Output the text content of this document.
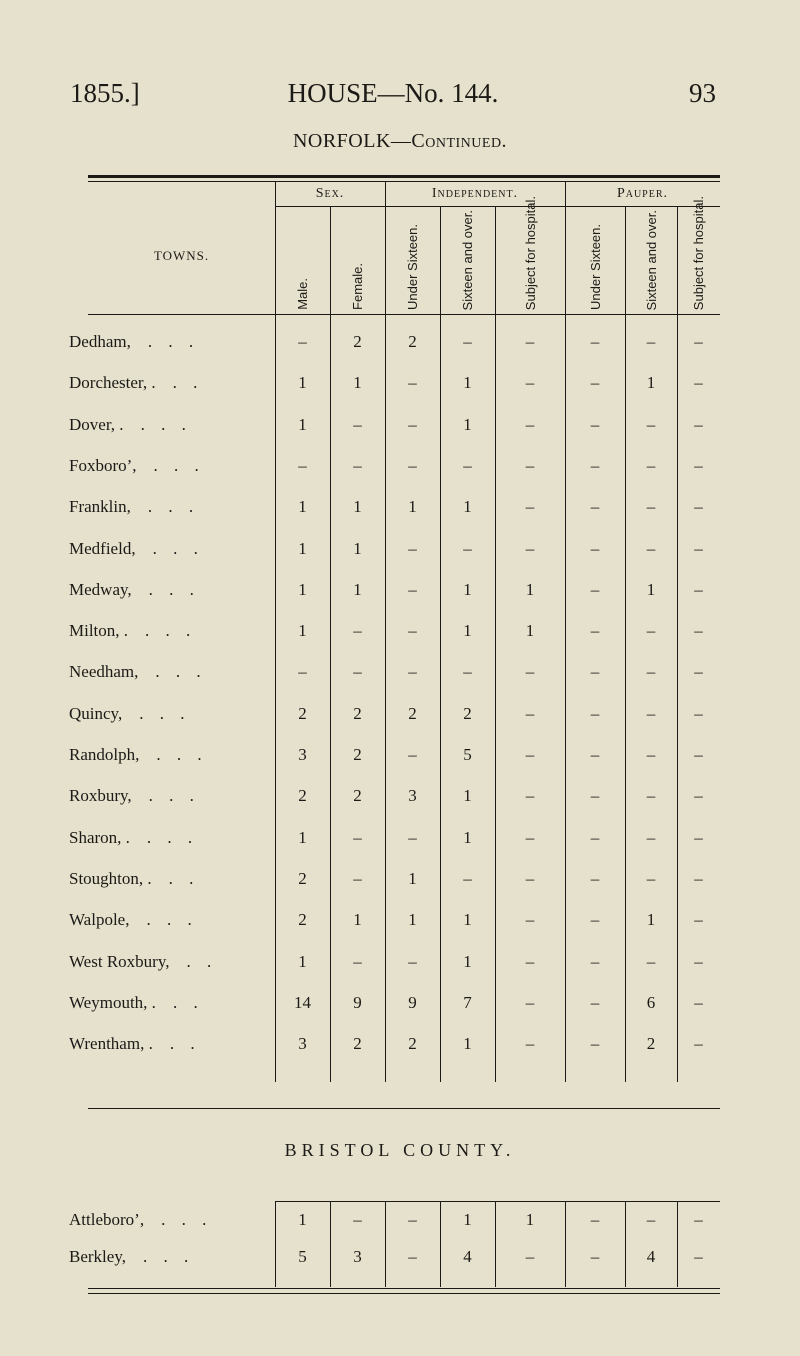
1855.]	HOUSE—No. 144.	93
NORFOLK—Continued.
Sex.	Independent.	Pauper.
TOWNS.
Male.	Female.	Under Sixteen.	Sixteen and over.	Subject for hospital.	Under Sixteen.	Sixteen and over.	Subject for hospital.
Dedham,  . . .	–	2	2	–	–	–	–	–
Dorchester, .  . .	1	1	–	1	–	–	1	–
Dover, .  . . .	1	–	–	1	–	–	–	–
Foxboro’,  . . .	–	–	–	–	–	–	–	–
Franklin,  . . .	1	1	1	1	–	–	–	–
Medfield,  . . .	1	1	–	–	–	–	–	–
Medway,  . . .	1	1	–	1	1	–	1	–
Milton, .  . . .	1	–	–	1	1	–	–	–
Needham,  . . .	–	–	–	–	–	–	–	–
Quincy,  . . .	2	2	2	2	–	–	–	–
Randolph,  . . .	3	2	–	5	–	–	–	–
Roxbury,  . . .	2	2	3	1	–	–	–	–
Sharon, .  . . .	1	–	–	1	–	–	–	–
Stoughton, .  . .	2	–	1	–	–	–	–	–
Walpole,  . . .	2	1	1	1	–	–	1	–
West Roxbury,  . .	1	–	–	1	–	–	–	–
Weymouth, .  . .	14	9	9	7	–	–	6	–
Wrentham, .  . .	3	2	2	1	–	–	2	–
BRISTOL COUNTY.
Attleboro’,  . . .	1	–	–	1	1	–	–	–
Berkley,  . . .	5	3	–	4	–	–	4	–
